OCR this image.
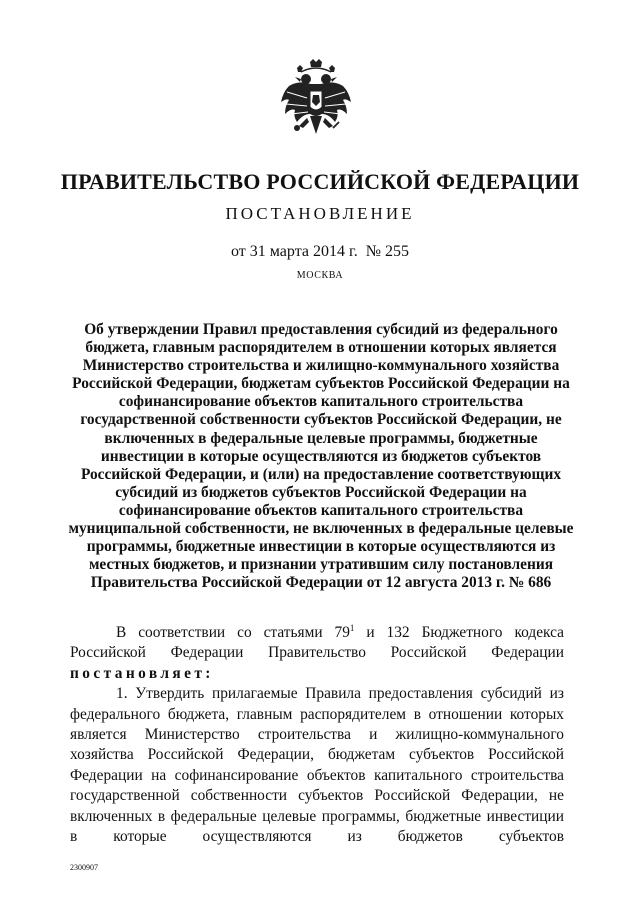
ПРАВИТЕЛЬСТВО РОССИЙСКОЙ ФЕДЕРАЦИИ
ПОСТАНОВЛЕНИЕ
от 31 марта 2014 г.  № 255
МОСКВА
Об утверждении Правил предоставления субсидий из федерального бюджета, главным распорядителем в отношении которых является Министерство строительства и жилищно-коммунального хозяйства Российской Федерации, бюджетам субъектов Российской Федерации на софинансирование объектов капитального строительства государственной собственности субъектов Российской Федерации, не включенных в федеральные целевые программы, бюджетные инвестиции в которые осуществляются из бюджетов субъектов Российской Федерации, и (или) на предоставление соответствующих субсидий из бюджетов субъектов Российской Федерации на софинансирование объектов капитального строительства муниципальной собственности, не включенных в федеральные целевые программы, бюджетные инвестиции в которые осуществляются из местных бюджетов, и признании утратившим силу постановления Правительства Российской Федерации от 12 августа 2013 г. № 686

В соответствии со статьями $79^1$ и 132 Бюджетного кодекса Российской Федерации Правительство Российской Федерации

постановляет:

1. Утвердить прилагаемые Правила предоставления субсидий из федерального бюджета, главным распорядителем в отношении которых является Министерство строительства и жилищно-коммунального хозяйства Российской Федерации, бюджетам субъектов Российской Федерации на софинансирование объектов капитального строительства государственной собственности субъектов Российской Федерации, не включенных в федеральные целевые программы, бюджетные инвестиции в которые осуществляются из бюджетов субъектов

2300907
